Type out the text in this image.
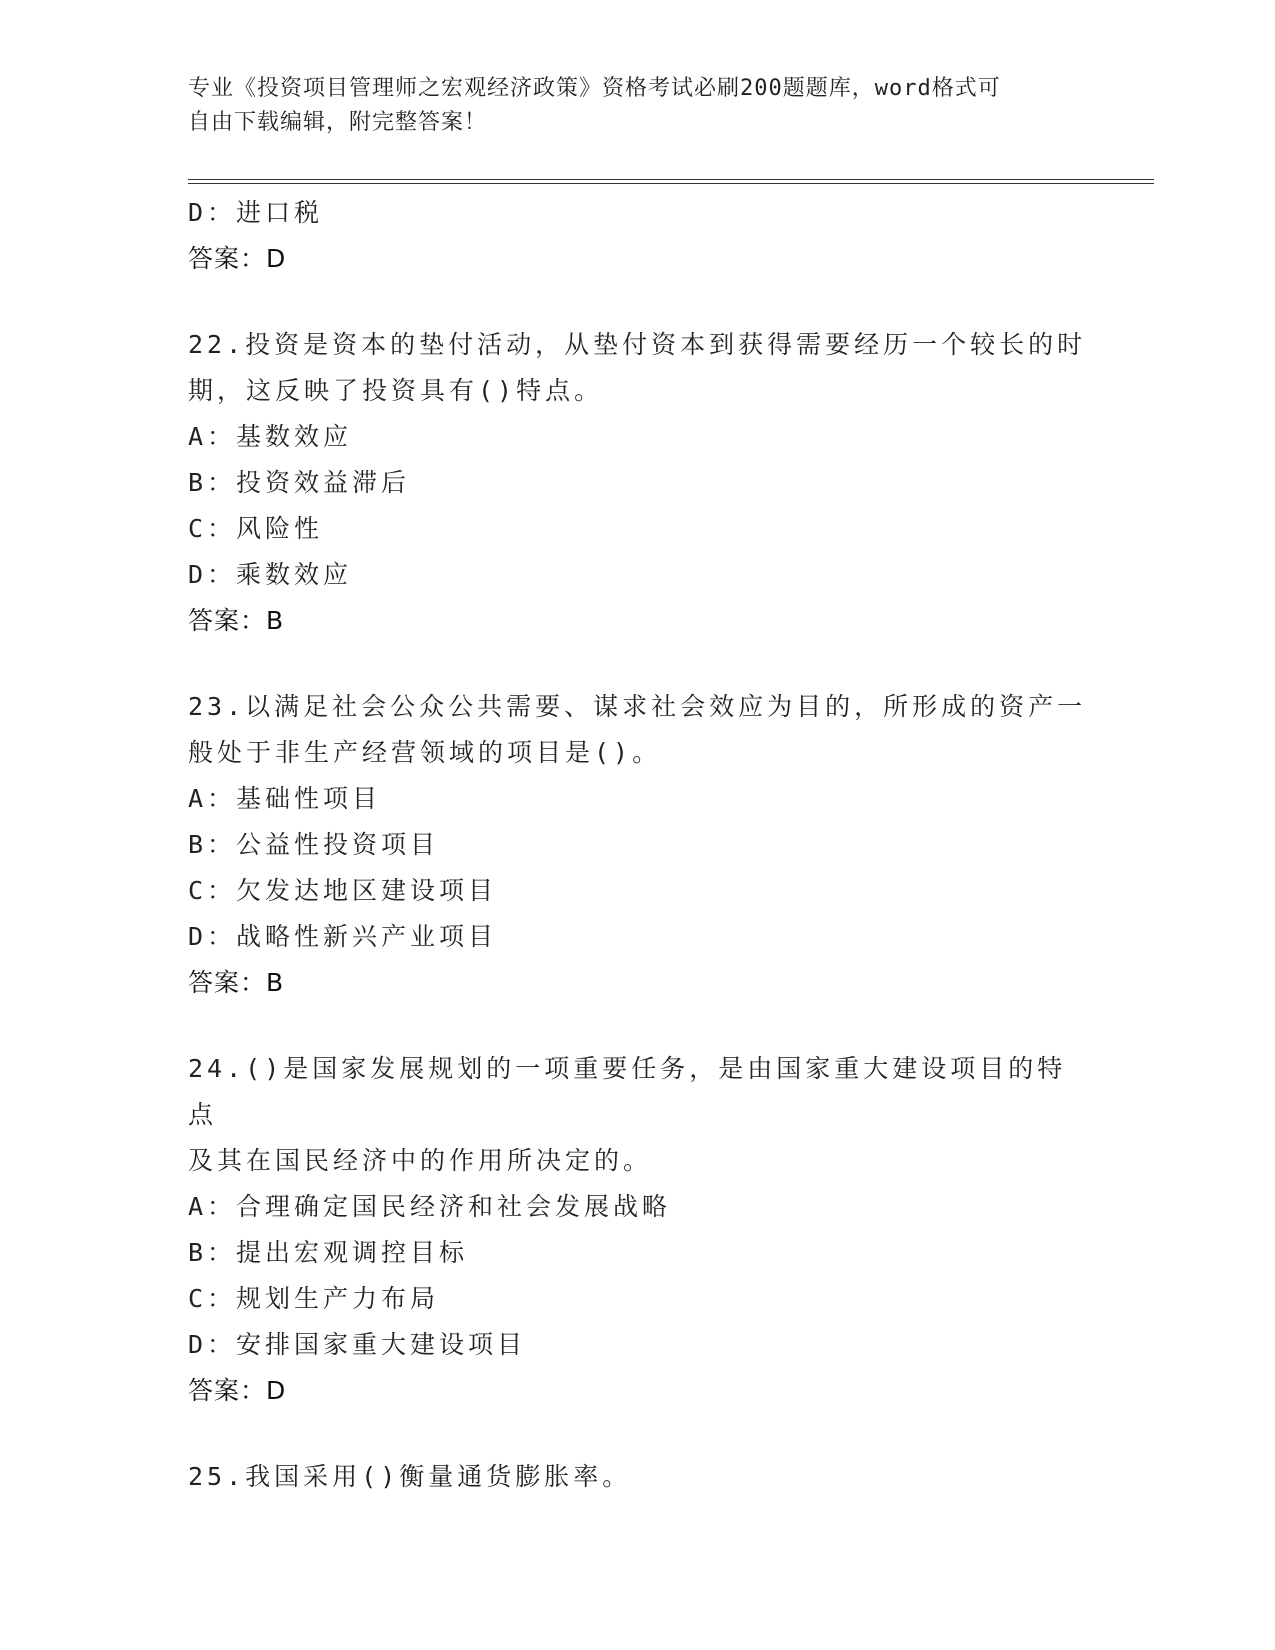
专业《投资项目管理师之宏观经济政策》资格考试必刷200题题库，word格式可
自由下载编辑，附完整答案！
D：进口税
答案：D
22.投资是资本的垫付活动，从垫付资本到获得需要经历一个较长的时
期，这反映了投资具有()特点。
A：基数效应
B：投资效益滞后
C：风险性
D：乘数效应
答案：B
23.以满足社会公众公共需要、谋求社会效应为目的，所形成的资产一
般处于非生产经营领域的项目是()。
A：基础性项目
B：公益性投资项目
C：欠发达地区建设项目
D：战略性新兴产业项目
答案：B
24.()是国家发展规划的一项重要任务，是由国家重大建设项目的特点
及其在国民经济中的作用所决定的。
A：合理确定国民经济和社会发展战略
B：提出宏观调控目标
C：规划生产力布局
D：安排国家重大建设项目
答案：D
25.我国采用()衡量通货膨胀率。
